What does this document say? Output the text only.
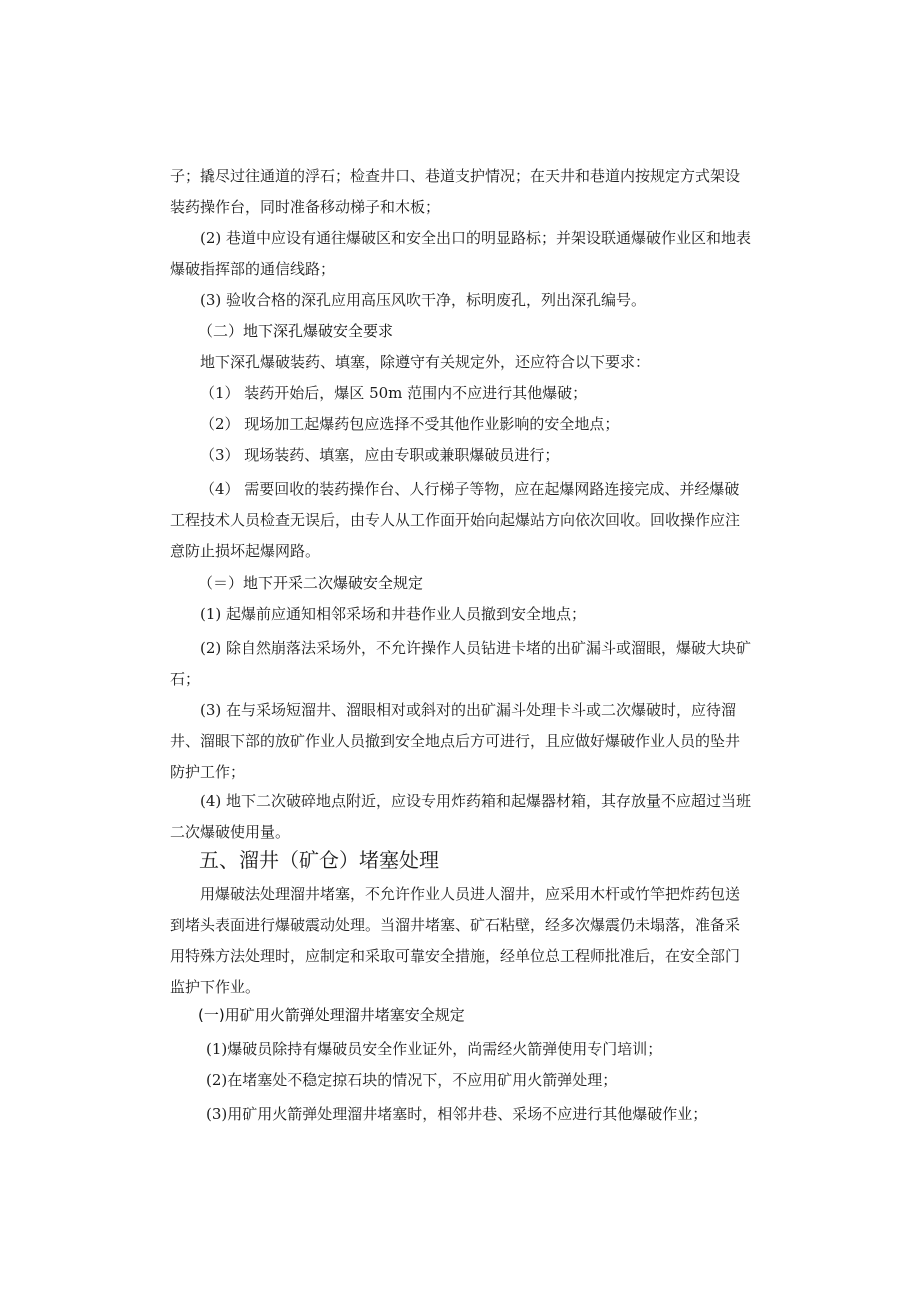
子；撬尽过往通道的浮石；检查井口、巷道支护情况；在天井和巷道内按规定方式架设装药操作台，同时准备移动梯子和木板；

(2) 巷道中应设有通往爆破区和安全出口的明显路标；并架设联通爆破作业区和地表爆破指挥部的通信线路；

(3) 验收合格的深孔应用高压风吹干净，标明废孔，列出深孔编号。

（二）地下深孔爆破安全要求

地下深孔爆破装药、填塞，除遵守有关规定外，还应符合以下要求：

（1） 装药开始后，爆区 50m 范围内不应进行其他爆破；

（2） 现场加工起爆药包应选择不受其他作业影响的安全地点；

（3） 现场装药、填塞，应由专职或兼职爆破员进行；

（4） 需要回收的装药操作台、人行梯子等物，应在起爆网路连接完成、并经爆破工程技术人员检查无误后，由专人从工作面开始向起爆站方向依次回收。回收操作应注意防止损坏起爆网路。

（＝）地下开采二次爆破安全规定

(1) 起爆前应通知相邻采场和井巷作业人员撤到安全地点；

(2) 除自然崩落法采场外，不允许操作人员钻进卡堵的出矿漏斗或溜眼，爆破大块矿石；

(3) 在与采场短溜井、溜眼相对或斜对的出矿漏斗处理卡斗或二次爆破时，应待溜井、溜眼下部的放矿作业人员撤到安全地点后方可进行，且应做好爆破作业人员的坠井防护工作；

(4) 地下二次破碎地点附近，应设专用炸药箱和起爆器材箱，其存放量不应超过当班二次爆破使用量。

五、溜井（矿仓）堵塞处理

用爆破法处理溜井堵塞，不允许作业人员进人溜井，应采用木杆或竹竿把炸药包送到堵头表面进行爆破震动处理。当溜井堵塞、矿石粘壁，经多次爆震仍未塌落，准备采用特殊方法处理时，应制定和采取可靠安全措施，经单位总工程师批准后，在安全部门监护下作业。

(一)用矿用火箭弹处理溜井堵塞安全规定

(1)爆破员除持有爆破员安全作业证外，尚需经火箭弹使用专门培训；

(2)在堵塞处不稳定掠石块的情况下，不应用矿用火箭弹处理；

(3)用矿用火箭弹处理溜井堵塞时，相邻井巷、采场不应进行其他爆破作业；
